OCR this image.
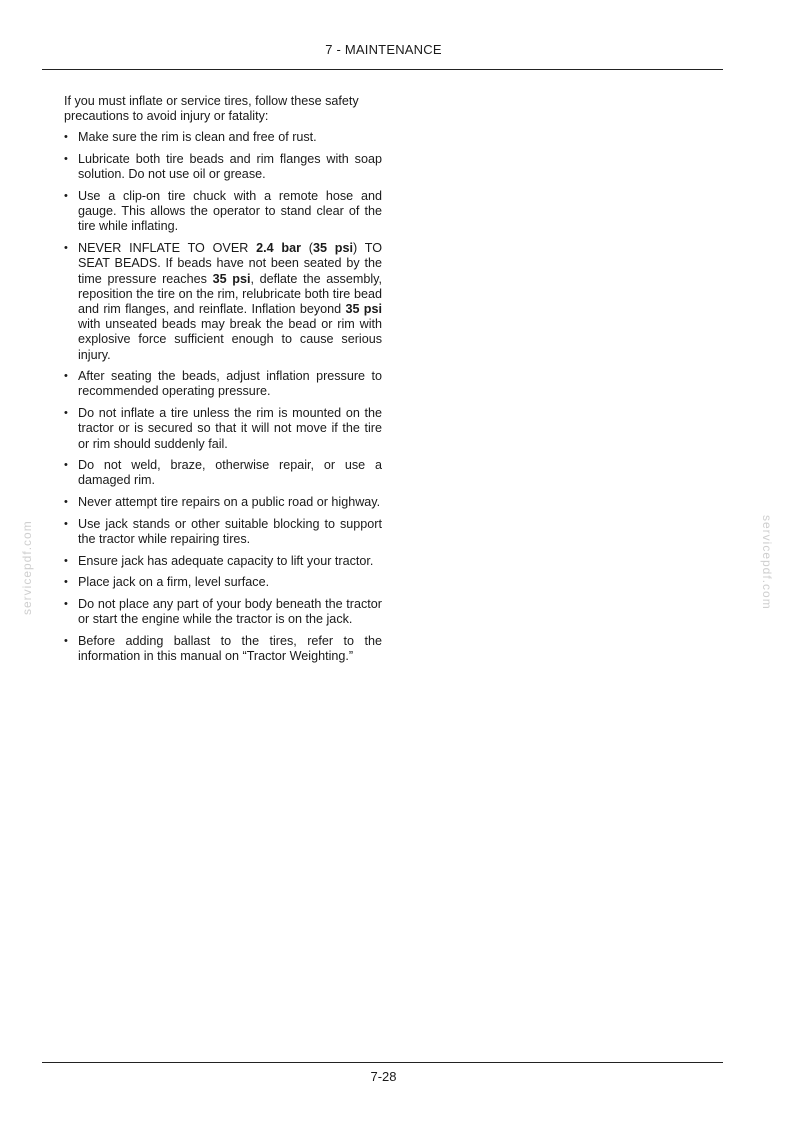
7 - MAINTENANCE
servicepdf.com	servicepdf.com

If you must inflate or service tires, follow these safety precautions to avoid injury or fatality:

• Make sure the rim is clean and free of rust.
• Lubricate both tire beads and rim flanges with soap solution. Do not use oil or grease.
• Use a clip-on tire chuck with a remote hose and gauge. This allows the operator to stand clear of the tire while inflating.
• NEVER INFLATE TO OVER 2.4 bar (35 psi) TO SEAT BEADS. If beads have not been seated by the time pressure reaches 35 psi, deflate the assembly, reposition the tire on the rim, relubricate both tire bead and rim flanges, and reinflate. Inflation beyond 35 psi with unseated beads may break the bead or rim with explosive force sufficient enough to cause serious injury.
• After seating the beads, adjust inflation pressure to recommended operating pressure.
• Do not inflate a tire unless the rim is mounted on the tractor or is secured so that it will not move if the tire or rim should suddenly fail.
• Do not weld, braze, otherwise repair, or use a damaged rim.
• Never attempt tire repairs on a public road or highway.
• Use jack stands or other suitable blocking to support the tractor while repairing tires.
• Ensure jack has adequate capacity to lift your tractor.
• Place jack on a firm, level surface.
• Do not place any part of your body beneath the tractor or start the engine while the tractor is on the jack.
• Before adding ballast to the tires, refer to the information in this manual on “Tractor Weighting.”
7-28
